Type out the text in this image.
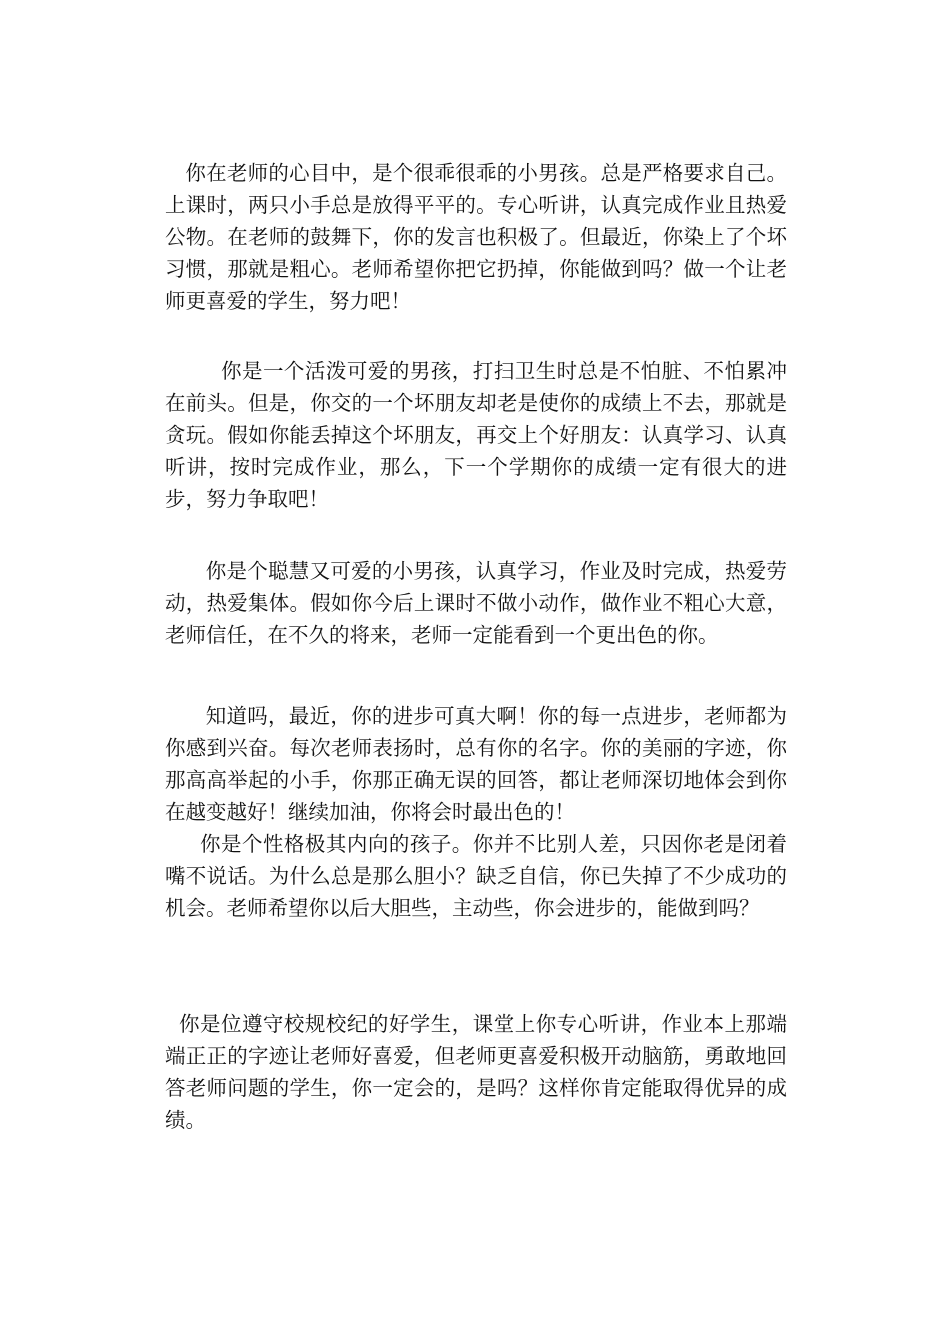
你在老师的心目中，是个很乖很乖的小男孩。总是严格要求自己。上课时，两只小手总是放得平平的。专心听讲，认真完成作业且热爱公物。在老师的鼓舞下，你的发言也积极了。但最近，你染上了个坏习惯，那就是粗心。老师希望你把它扔掉，你能做到吗？做一个让老师更喜爱的学生，努力吧！

你是一个活泼可爱的男孩，打扫卫生时总是不怕脏、不怕累冲在前头。但是，你交的一个坏朋友却老是使你的成绩上不去，那就是贪玩。假如你能丢掉这个坏朋友，再交上个好朋友：认真学习、认真听讲，按时完成作业，那么，下一个学期你的成绩一定有很大的进步，努力争取吧！

你是个聪慧又可爱的小男孩，认真学习，作业及时完成，热爱劳动，热爱集体。假如你今后上课时不做小动作，做作业不粗心大意，老师信任，在不久的将来，老师一定能看到一个更出色的你。

知道吗，最近，你的进步可真大啊！你的每一点进步，老师都为你感到兴奋。每次老师表扬时，总有你的名字。你的美丽的字迹，你那高高举起的小手，你那正确无误的回答，都让老师深切地体会到你在越变越好！继续加油，你将会时最出色的！
你是个性格极其内向的孩子。你并不比别人差，只因你老是闭着嘴不说话。为什么总是那么胆小？缺乏自信，你已失掉了不少成功的机会。老师希望你以后大胆些，主动些，你会进步的，能做到吗？

你是位遵守校规校纪的好学生，课堂上你专心听讲，作业本上那端端正正的字迹让老师好喜爱，但老师更喜爱积极开动脑筋，勇敢地回答老师问题的学生，你一定会的，是吗？这样你肯定能取得优异的成绩。
